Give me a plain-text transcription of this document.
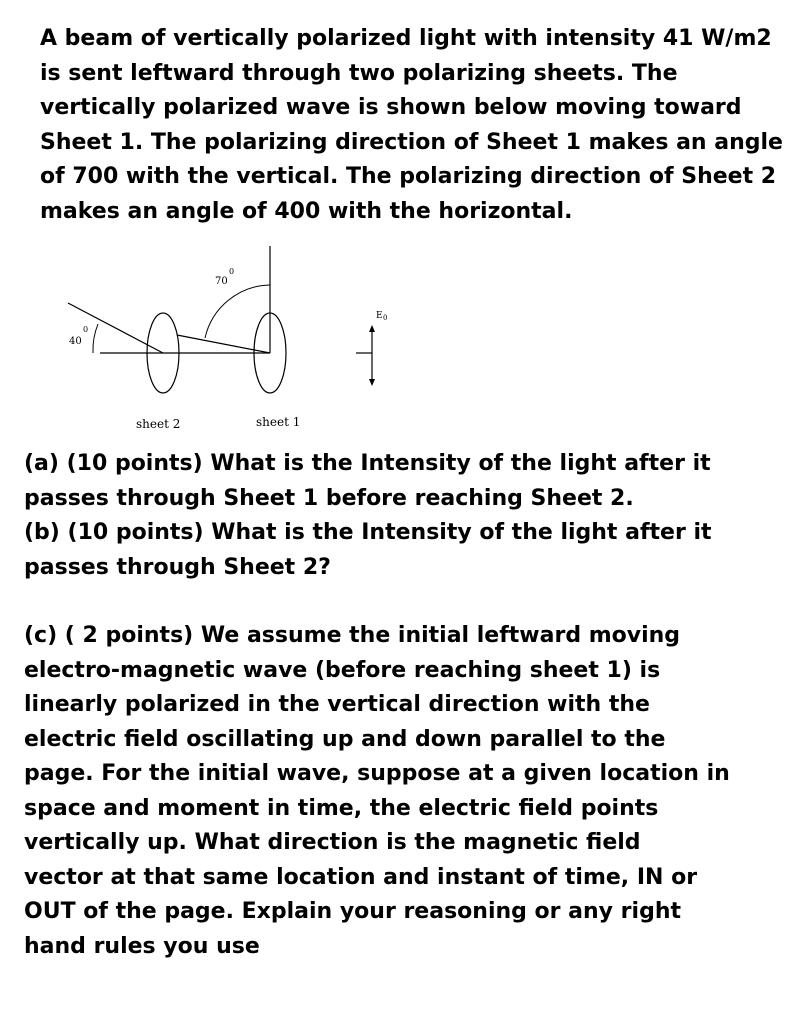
A beam of vertically polarized light with intensity 41 W/m2
is sent leftward through two polarizing sheets. The
vertically polarized wave is shown below moving toward
Sheet 1. The polarizing direction of Sheet 1 makes an angle
of 700 with the vertical. The polarizing direction of Sheet 2
makes an angle of 400 with the horizontal.
70
0
40
0
E 0
sheet 2	sheet 1
(a) (10 points) What is the Intensity of the light after it
passes through Sheet 1 before reaching Sheet 2.
(b) (10 points) What is the Intensity of the light after it
passes through Sheet 2?
(c) ( 2 points) We assume the initial leftward moving
electro-magnetic wave (before reaching sheet 1) is
linearly polarized in the vertical direction with the
electric field oscillating up and down parallel to the
page. For the initial wave, suppose at a given location in
space and moment in time, the electric field points
vertically up. What direction is the magnetic field
vector at that same location and instant of time, IN or
OUT of the page. Explain your reasoning or any right
hand rules you use
